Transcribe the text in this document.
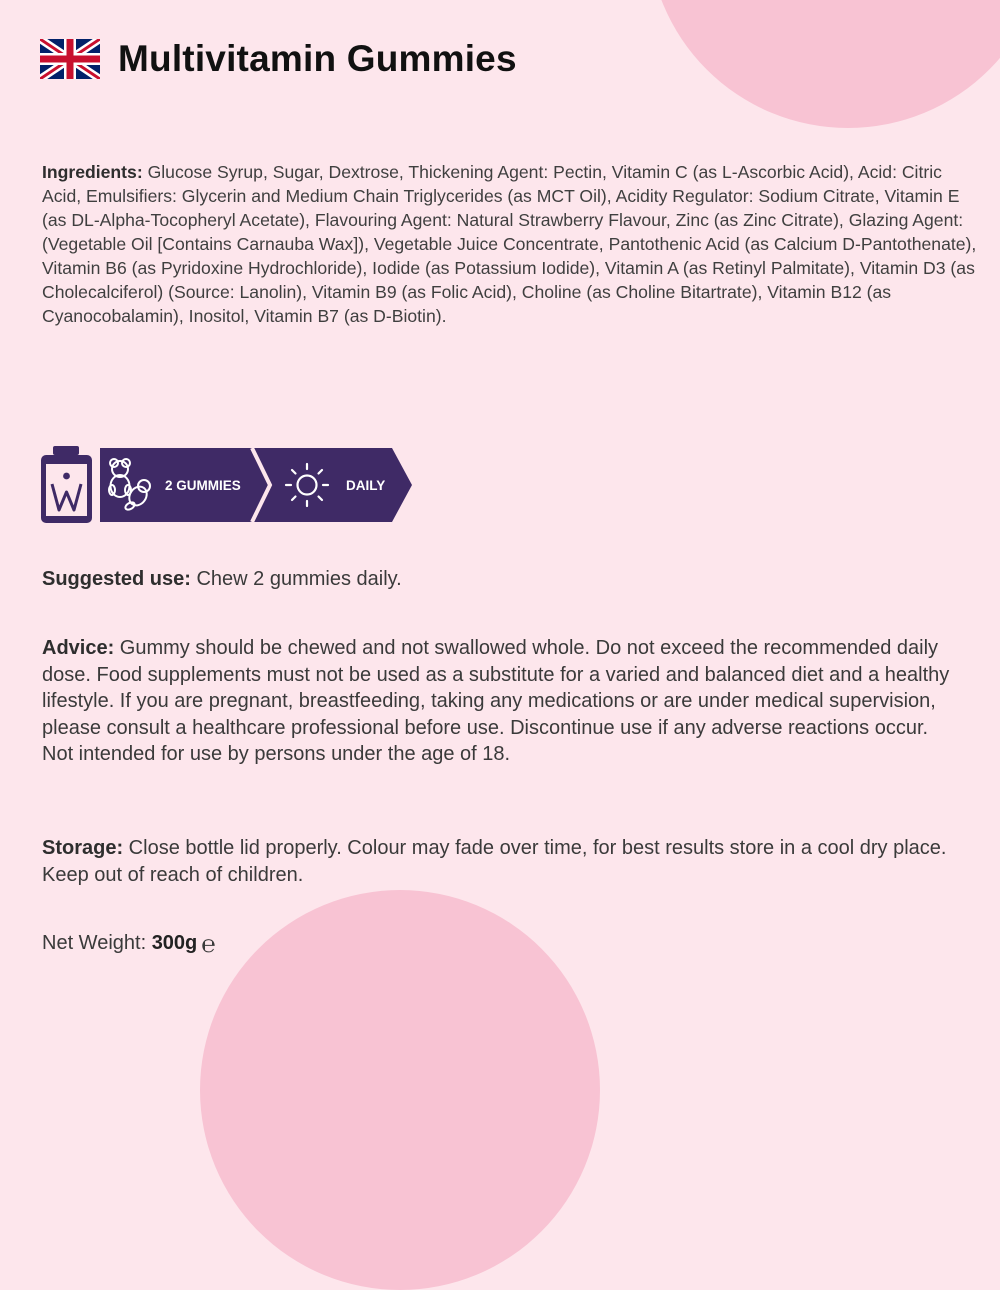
Multivitamin Gummies

Ingredients: Glucose Syrup, Sugar, Dextrose, Thickening Agent: Pectin, Vitamin C (as L-Ascorbic Acid), Acid: Citric Acid, Emulsifiers: Glycerin and Medium Chain Triglycerides (as MCT Oil), Acidity Regulator: Sodium Citrate, Vitamin E (as DL-Alpha-Tocopheryl Acetate), Flavouring Agent: Natural Strawberry Flavour, Zinc (as Zinc Citrate), Glazing Agent: (Vegetable Oil [Contains Carnauba Wax]), Vegetable Juice Concentrate, Pantothenic Acid (as Calcium D-Pantothenate), Vitamin B6 (as Pyridoxine Hydrochloride), Iodide (as Potassium Iodide), Vitamin A (as Retinyl Palmitate), Vitamin D3 (as Cholecalciferol) (Source: Lanolin), Vitamin B9 (as Folic Acid), Choline (as Choline Bitartrate), Vitamin B12 (as Cyanocobalamin), Inositol, Vitamin B7 (as D-Biotin).

2 GUMMIES	DAILY

Suggested use: Chew 2 gummies daily.

Advice: Gummy should be chewed and not swallowed whole. Do not exceed the recommended daily dose. Food supplements must not be used as a substitute for a varied and balanced diet and a healthy lifestyle. If you are pregnant, breastfeeding, taking any medications or are under medical supervision, please consult a healthcare professional before use. Discontinue use if any adverse reactions occur. Not intended for use by persons under the age of 18.

Storage: Close bottle lid properly. Colour may fade over time, for best results store in a cool dry place. Keep out of reach of children.

Net Weight: 300g ℮
